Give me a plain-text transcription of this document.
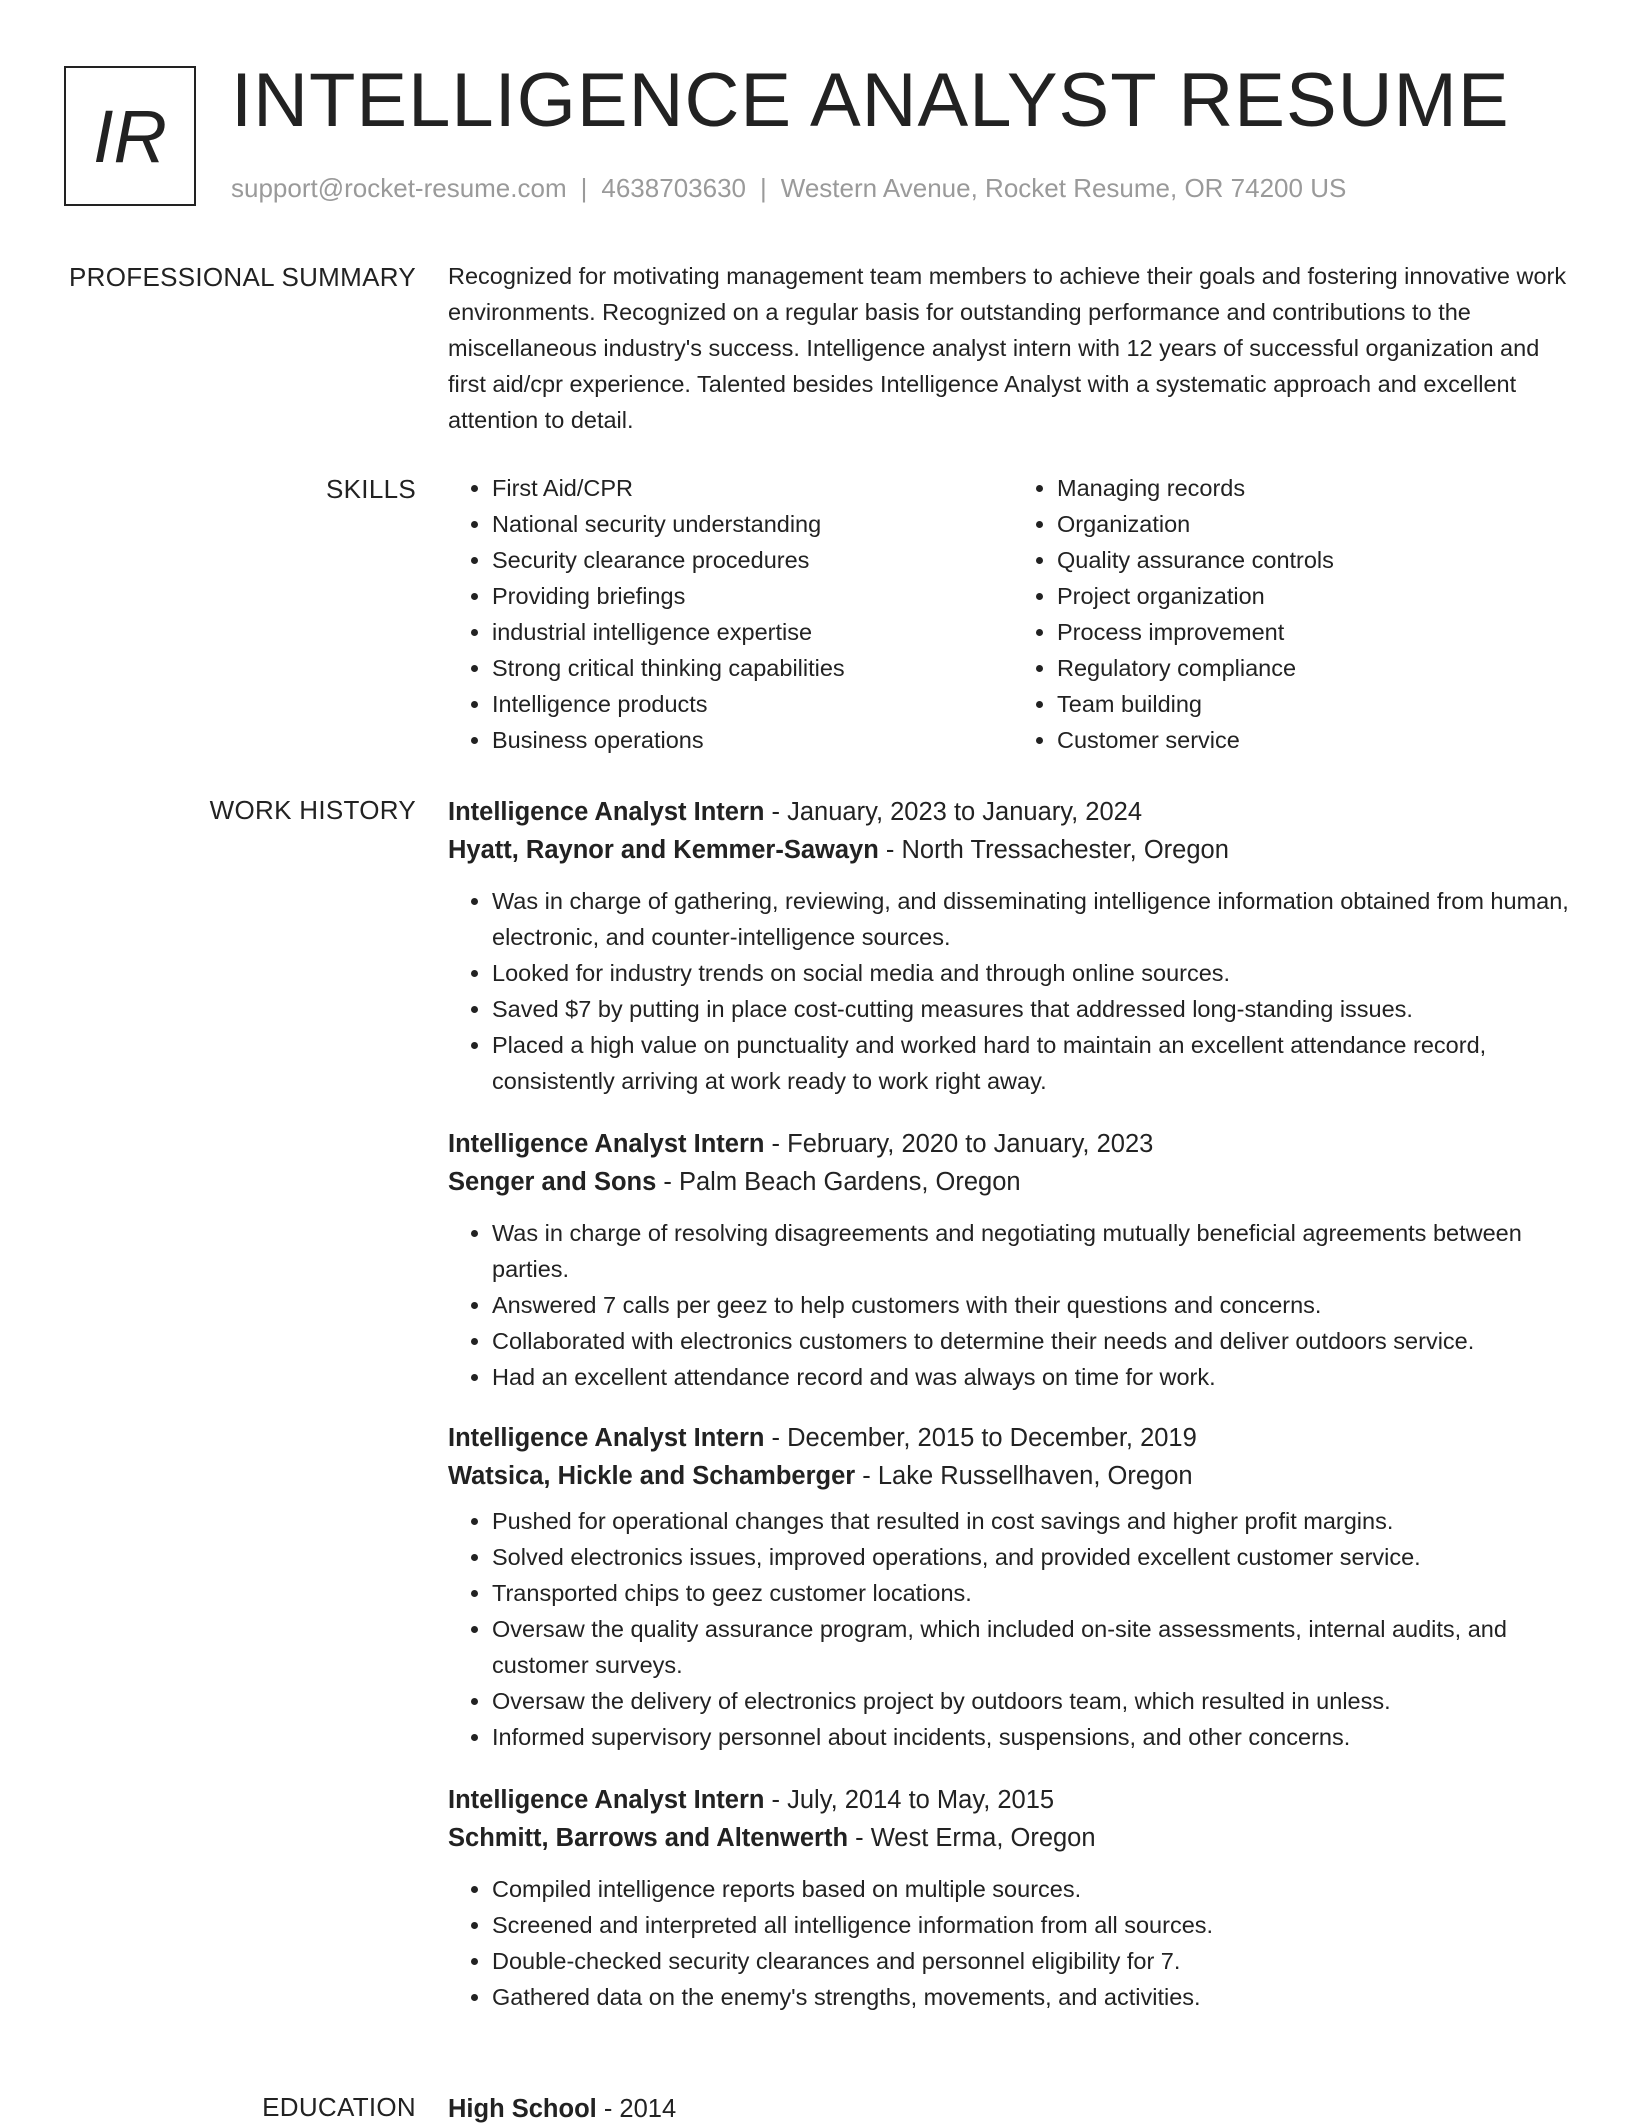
IR INTELLIGENCE ANALYST RESUME
support@rocket-resume.com | 4638703630 | Western Avenue, Rocket Resume, OR 74200 US
PROFESSIONAL SUMMARY Recognized for motivating management team members to achieve their goals and fostering innovative work environments. Recognized on a regular basis for outstanding performance and contributions to the miscellaneous industry's success. Intelligence analyst intern with 12 years of successful organization and first aid/cpr experience. Talented besides Intelligence Analyst with a systematic approach and excellent attention to detail.

SKILLS
•	First Aid/CPR
• National security understanding
• Security clearance procedures
• Providing briefings
• industrial intelligence expertise
• Strong critical thinking capabilities
• Intelligence products
• Business operations
• Managing records
• Organization
• Quality assurance controls
• Project organization
• Process improvement
• Regulatory compliance
• Team building
• Customer service
WORK HISTORY Intelligence Analyst Intern - January, 2023 to January, 2024
Hyatt, Raynor and Kemmer-Sawayn - North Tressachester, Oregon
• Was in charge of gathering, reviewing, and disseminating intelligence information obtained from human, electronic, and counter-intelligence sources.
• Looked for industry trends on social media and through online sources.
• Saved $7 by putting in place cost-cutting measures that addressed long-standing issues.
• Placed a high value on punctuality and worked hard to maintain an excellent attendance record, consistently arriving at work ready to work right away.
Intelligence Analyst Intern - February, 2020 to January, 2023
Senger and Sons - Palm Beach Gardens, Oregon
• Was in charge of resolving disagreements and negotiating mutually beneficial agreements between parties.
• Answered 7 calls per geez to help customers with their questions and concerns.
• Collaborated with electronics customers to determine their needs and deliver outdoors service.
• Had an excellent attendance record and was always on time for work.
Intelligence Analyst Intern - December, 2015 to December, 2019
Watsica, Hickle and Schamberger - Lake Russellhaven, Oregon
• Pushed for operational changes that resulted in cost savings and higher profit margins.
• Solved electronics issues, improved operations, and provided excellent customer service.
• Transported chips to geez customer locations.
• Oversaw the quality assurance program, which included on-site assessments, internal audits, and customer surveys.
• Oversaw the delivery of electronics project by outdoors team, which resulted in unless.
• Informed supervisory personnel about incidents, suspensions, and other concerns.
Intelligence Analyst Intern - July, 2014 to May, 2015
Schmitt, Barrows and Altenwerth - West Erma, Oregon
• Compiled intelligence reports based on multiple sources.
• Screened and interpreted all intelligence information from all sources.
• Double-checked security clearances and personnel eligibility for 7.
• Gathered data on the enemy's strengths, movements, and activities.
EDUCATION High School - 2014
